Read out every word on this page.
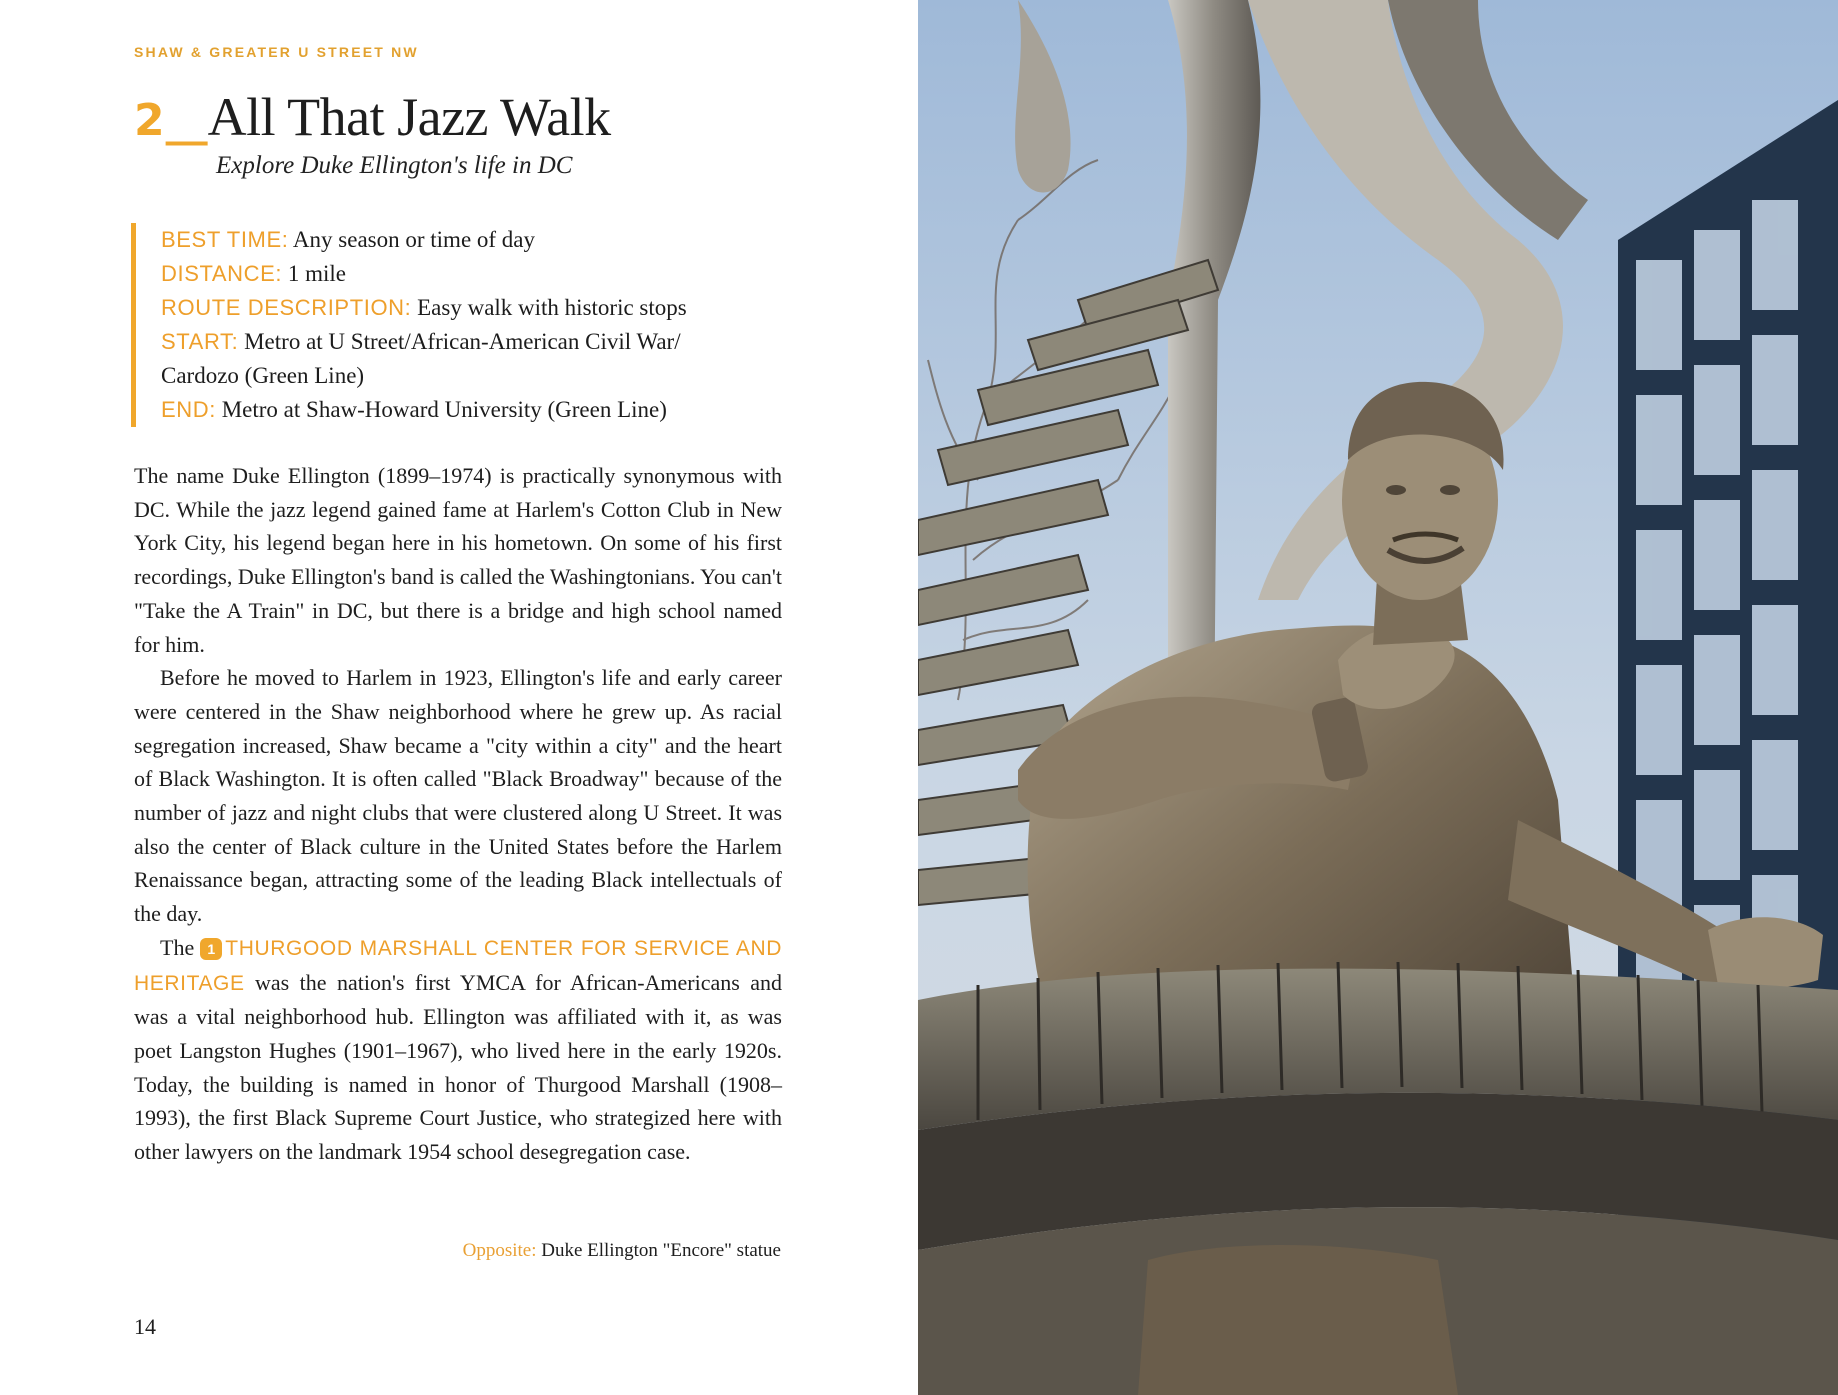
SHAW & GREATER U STREET NW
2__All That Jazz Walk
Explore Duke Ellington's life in DC
BEST TIME: Any season or time of day
DISTANCE: 1 mile
ROUTE DESCRIPTION: Easy walk with historic stops
START: Metro at U Street/African-American Civil War/
Cardozo (Green Line)
END: Metro at Shaw-Howard University (Green Line)

The name Duke Ellington (1899–1974) is practically synonymous with DC. While the jazz legend gained fame at Harlem's Cotton Club in New York City, his legend began here in his hometown. On some of his first recordings, Duke Ellington's band is called the Washingtonians. You can't "Take the A Train" in DC, but there is a bridge and high school named for him.

Before he moved to Harlem in 1923, Ellington's life and early career were centered in the Shaw neighborhood where he grew up. As racial segregation increased, Shaw became a "city within a city" and the heart of Black Washington. It is often called "Black Broadway" because of the number of jazz and night clubs that were clustered along U Street. It was also the center of Black culture in the United States before the Harlem Renaissance began, attracting some of the leading Black intellectuals of the day.

The 1 THURGOOD MARSHALL CENTER FOR SERVICE AND HERITAGE was the nation's first YMCA for African-Americans and was a vital neighborhood hub. Ellington was affiliated with it, as was poet Langston Hughes (1901–1967), who lived here in the early 1920s. Today, the building is named in honor of Thurgood Marshall (1908–1993), the first Black Supreme Court Justice, who strategized here with other lawyers on the landmark 1954 school desegregation case.

Opposite: Duke Ellington "Encore" statue
14
